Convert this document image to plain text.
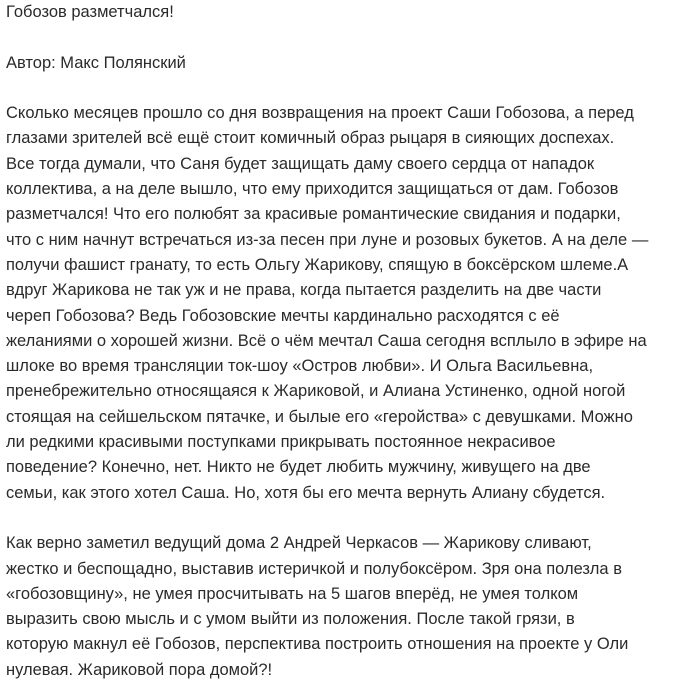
Гобозов разметчался!
Автор: Макс Полянский
Сколько месяцев прошло со дня возвращения на проект Саши Гобозова, а перед
глазами зрителей всё ещё стоит комичный образ рыцаря в сияющих доспехах.
Все тогда думали, что Саня будет защищать даму своего сердца от нападок
коллектива, а на деле вышло, что ему приходится защищаться от дам. Гобозов
разметчался! Что его полюбят за красивые романтические свидания и подарки,
что с ним начнут встречаться из-за песен при луне и розовых букетов. А на деле —
получи фашист гранату, то есть Ольгу Жарикову, спящую в боксёрском шлеме.А
вдруг Жарикова не так уж и не права, когда пытается разделить на две части
череп Гобозова? Ведь Гобозовские мечты кардинально расходятся с её
желаниями о хорошей жизни. Всё о чём мечтал Саша сегодня всплыло в эфире на
шлоке во время трансляции ток-шоу «Остров любви». И Ольга Васильевна,
пренебрежительно относящаяся к Жариковой, и Алиана Устиненко, одной ногой
стоящая на сейшельском пятачке, и былые его «геройства» с девушками. Можно
ли редкими красивыми поступками прикрывать постоянное некрасивое
поведение? Конечно, нет. Никто не будет любить мужчину, живущего на две
семьи, как этого хотел Саша. Но, хотя бы его мечта вернуть Алиану сбудется.
Как верно заметил ведущий дома 2 Андрей Черкасов — Жарикову сливают,
жестко и беспощадно, выставив истеричкой и полубоксёром. Зря она полезла в
«гобозовщину», не умея просчитывать на 5 шагов вперёд, не умея толком
выразить свою мысль и с умом выйти из положения. После такой грязи, в
которую макнул её Гобозов, перспектива построить отношения на проекте у Оли
нулевая. Жариковой пора домой?!
